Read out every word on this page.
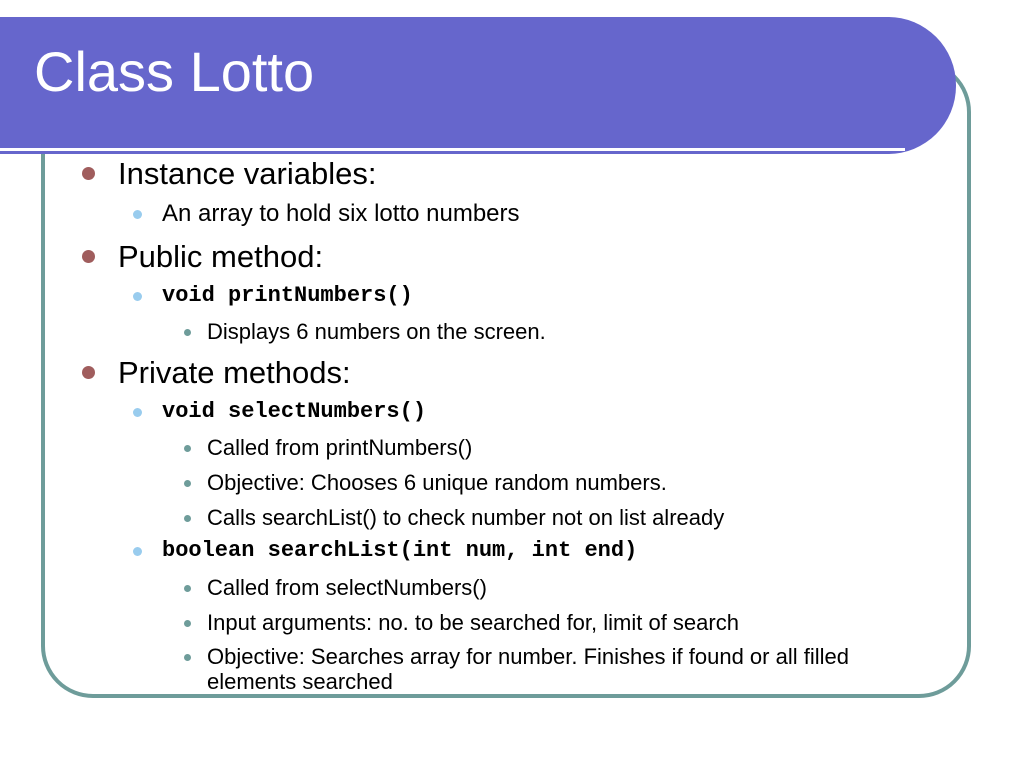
Class Lotto
Instance variables:
An array to hold six lotto numbers
Public method:
void printNumbers()
Displays 6 numbers on the screen.
Private methods:
void selectNumbers()
Called from printNumbers()
Objective: Chooses 6 unique random numbers.
Calls searchList() to check number not on list already
boolean searchList(int num, int end)
Called from selectNumbers()
Input arguments: no. to be searched for, limit of search
Objective: Searches array for number. Finishes if found or all filled elements searched
